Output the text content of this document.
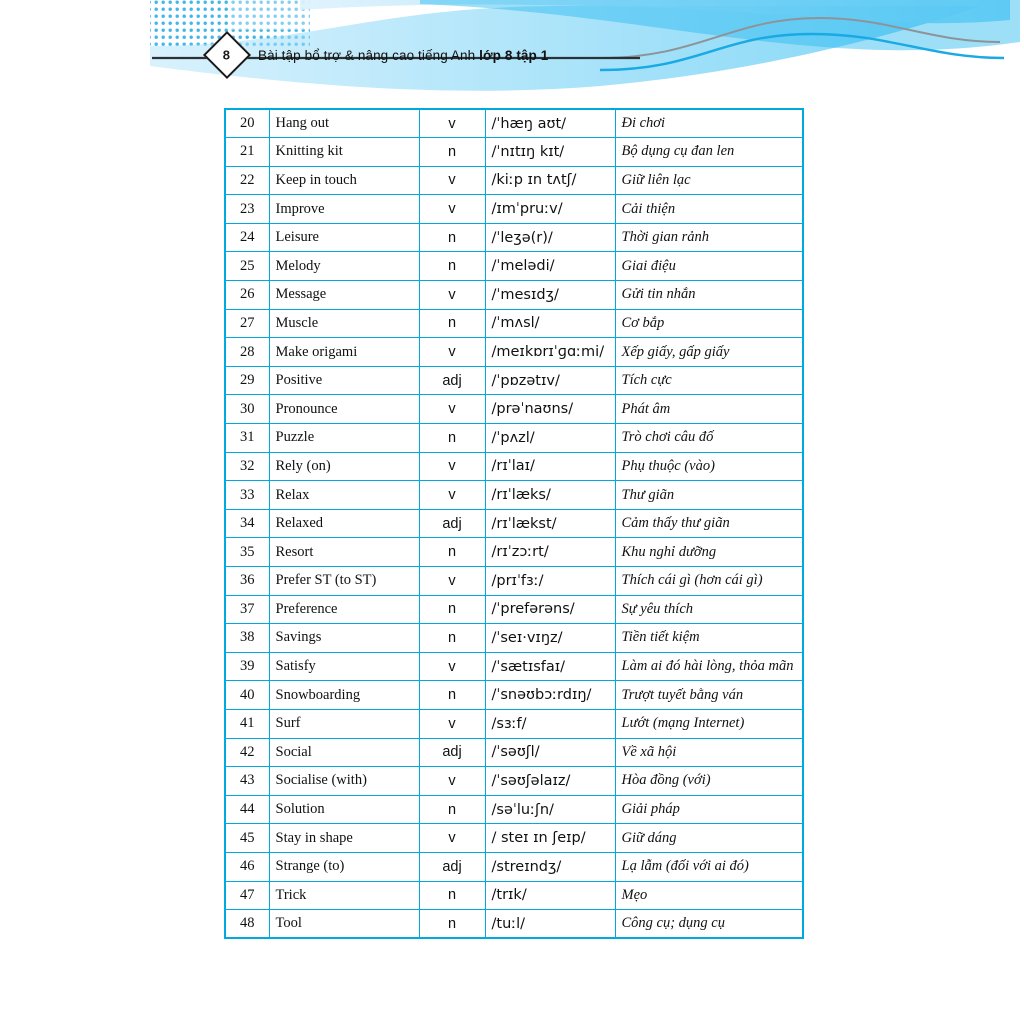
8 Bài tập bổ trợ & nâng cao tiếng Anh lớp 8 tập 1
20	Hang out	v	/ˈhæŋ aʊt/	Đi chơi
21	Knitting kit	n	/ˈnɪtɪŋ kɪt/	Bộ dụng cụ đan len
22	Keep in touch	v	/kiːp ɪn tʌtʃ/	Giữ liên lạc
23	Improve	v	/ɪmˈpruːv/	Cải thiện
24	Leisure	n	/ˈleʒə(r)/	Thời gian rảnh
25	Melody	n	/ˈmelədi/	Giai điệu
26	Message	v	/ˈmesɪdʒ/	Gửi tin nhắn
27	Muscle	n	/ˈmʌsl/	Cơ bắp
28	Make origami	v	/meɪkɒrɪˈɡɑːmi/	Xếp giấy, gấp giấy
29	Positive	adj	/ˈpɒzətɪv/	Tích cực
30	Pronounce	v	/prəˈnaʊns/	Phát âm
31	Puzzle	n	/ˈpʌzl/	Trò chơi câu đố
32	Rely (on)	v	/rɪˈlaɪ/	Phụ thuộc (vào)
33	Relax	v	/rɪˈlæks/	Thư giãn
34	Relaxed	adj	/rɪˈlækst/	Cảm thấy thư giãn
35	Resort	n	/rɪˈzɔːrt/	Khu nghỉ dưỡng
36	Prefer ST (to ST)	v	/prɪˈfɜː/	Thích cái gì (hơn cái gì)
37	Preference	n	/ˈprefərəns/	Sự yêu thích
38	Savings	n	/ˈseɪ·vɪŋz/	Tiền tiết kiệm
39	Satisfy	v	/ˈsætɪsfaɪ/	Làm ai đó hài lòng, thỏa mãn
40	Snowboarding	n	/ˈsnəʊbɔːrdɪŋ/	Trượt tuyết bằng ván
41	Surf	v	/sɜːf/	Lướt (mạng Internet)
42	Social	adj	/ˈsəʊʃl/	Về xã hội
43	Socialise (with)	v	/ˈsəʊʃəlaɪz/	Hòa đồng (với)
44	Solution	n	/səˈluːʃn/	Giải pháp
45	Stay in shape	v	/ steɪ ɪn ʃeɪp/	Giữ dáng
46	Strange (to)	adj	/streɪndʒ/	Lạ lẫm (đối với ai đó)
47	Trick	n	/trɪk/	Mẹo
48	Tool	n	/tuːl/	Công cụ; dụng cụ
